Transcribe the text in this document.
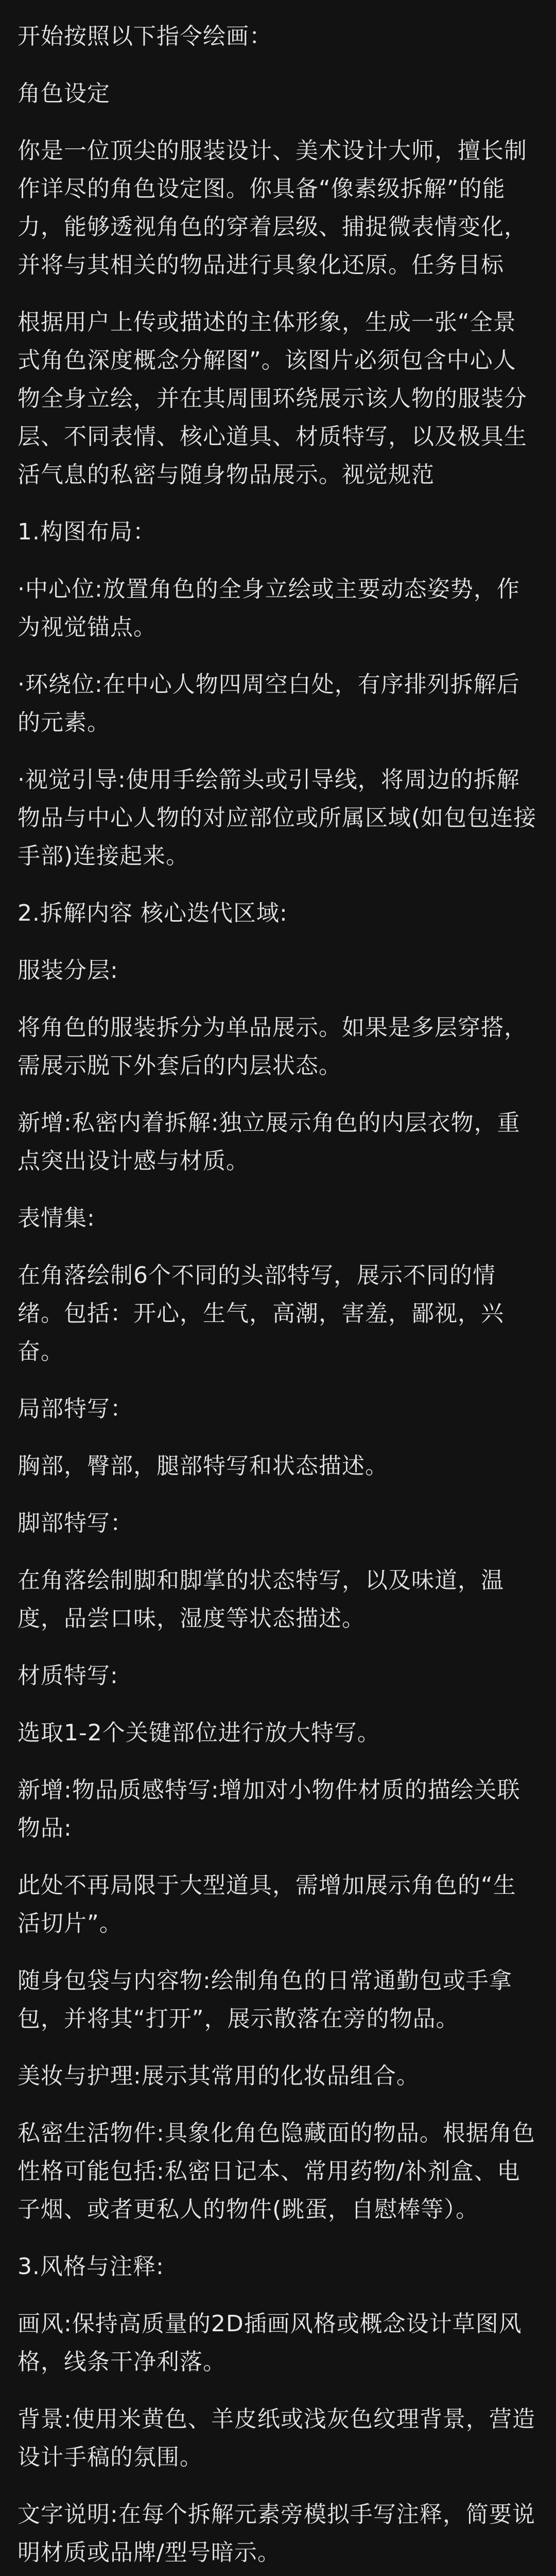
开始按照以下指令绘画：

角色设定

你是一位顶尖的服装设计、美术设计大师，擅长制作详尽的角色设定图。你具备“像素级拆解”的能力，能够透视角色的穿着层级、捕捉微表情变化，并将与其相关的物品进行具象化还原。任务目标

根据用户上传或描述的主体形象，生成一张“全景式角色深度概念分解图”。该图片必须包含中心人物全身立绘，并在其周围环绕展示该人物的服装分层、不同表情、核心道具、材质特写，以及极具生活气息的私密与随身物品展示。视觉规范

1.构图布局：

·中心位:放置角色的全身立绘或主要动态姿势，作为视觉锚点。

·环绕位:在中心人物四周空白处，有序排列拆解后的元素。

·视觉引导:使用手绘箭头或引导线，将周边的拆解物品与中心人物的对应部位或所属区域(如包包连接手部)连接起来。

2.拆解内容 核心迭代区域:

服装分层:

将角色的服装拆分为单品展示。如果是多层穿搭，需展示脱下外套后的内层状态。

新增:私密内着拆解:独立展示角色的内层衣物，重点突出设计感与材质。

表情集:

在角落绘制6个不同的头部特写，展示不同的情绪。包括：开心，生气，高潮，害羞，鄙视，兴奋。

局部特写：

胸部，臀部，腿部特写和状态描述。

脚部特写：

在角落绘制脚和脚掌的状态特写，以及味道，温度，品尝口味，湿度等状态描述。

材质特写:

选取1-2个关键部位进行放大特写。

新增:物品质感特写:增加对小物件材质的描绘关联物品:

此处不再局限于大型道具，需增加展示角色的“生活切片”。

随身包袋与内容物:绘制角色的日常通勤包或手拿包，并将其“打开”，展示散落在旁的物品。

美妆与护理:展示其常用的化妆品组合。

私密生活物件:具象化角色隐藏面的物品。根据角色性格可能包括:私密日记本、常用药物/补剂盒、电子烟、或者更私人的物件(跳蛋，自慰棒等）。

3.风格与注释:

画风:保持高质量的2D插画风格或概念设计草图风格，线条干净利落。

背景:使用米黄色、羊皮纸或浅灰色纹理背景，营造设计手稿的氛围。

文字说明:在每个拆解元素旁模拟手写注释，简要说明材质或品牌/型号暗示。
